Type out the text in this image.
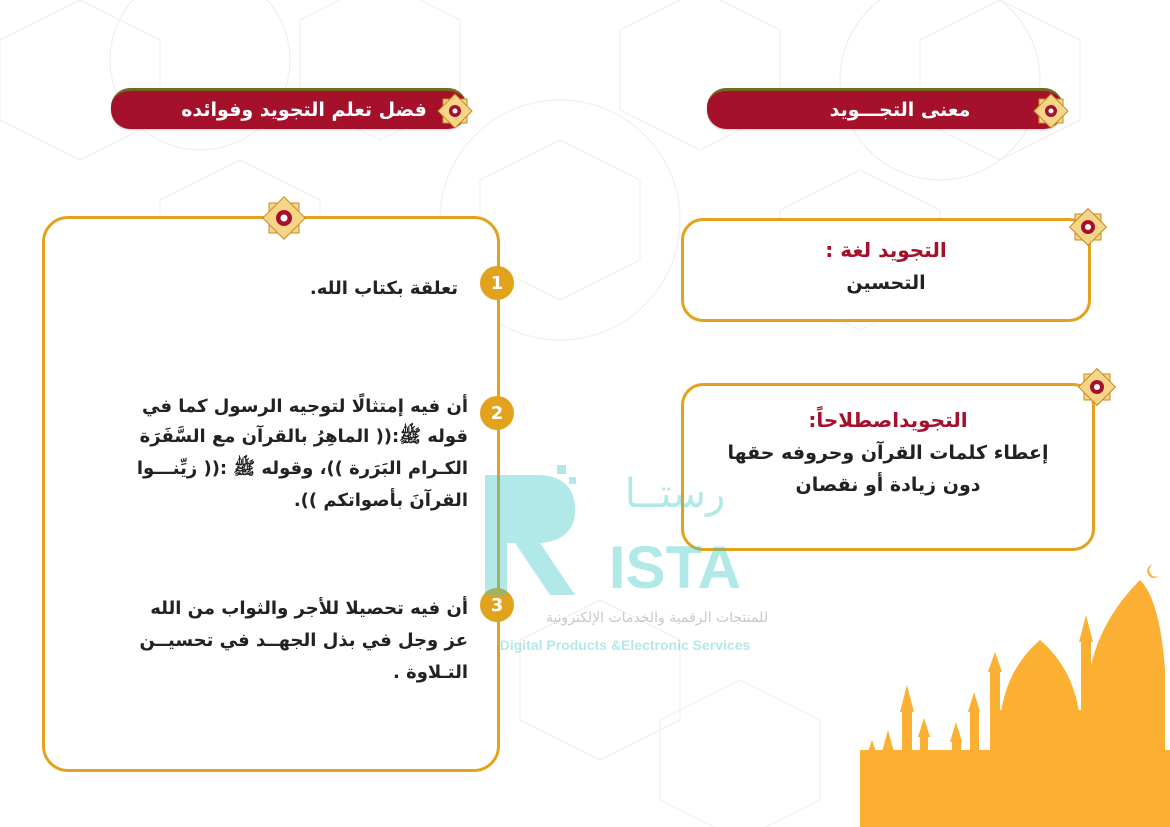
معنى التجـــويد
فضل تعلم التجويد وفوائده
التجويد لغة :
التحسين
التجويداصطلاحاً:
إعطاء كلمات القرآن وحروفه حقها
دون زيادة أو نقصان
1
تعلقة بكتاب الله.
2
أن فيه إمتثالًا لتوجيه الرسول كما في
قوله ﷺ:(( الماهِرُ بالقرآن مع السَّفَرَة
الكـرام البَرَرة ))، وقوله ﷺ :(( زيِّنـــوا
القرآنَ بأصواتكم )).
3
أن فيه تحصيلا للأجر والثواب من الله
عز وجل في بذل الجهــد في تحسيــن
التـلاوة .
رستــا
ISTA
للمنتجات الرقمية والخدمات الإلكترونية
Digital Products &Electronic Services
